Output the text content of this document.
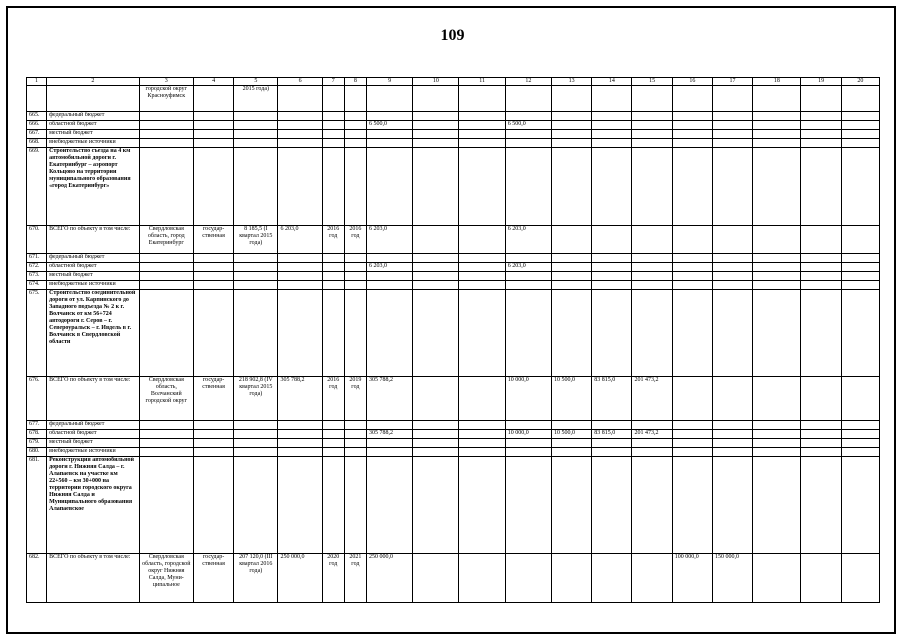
109
1	2	3	4	5	6	7	8	9	10	11	12	13	14	15	16	17	18	19	20
		городской округ Красноуфимск		2015 года)															
665.	федеральный бюджет																		
666.	областной бюджет							6 500,0			6 500,0								
667.	местный бюджет																		
668.	внебюджетные источники																		
669.	Строительство съезда на 4 км автомобильной дороги г. Екатеринбург – аэропорт Кольцово на территории муниципального образования «город Екатеринбург»																		
670.	ВСЕГО по объекту в том числе:	Свердловская область, город Екатеринбург	государ-ственная	8 185,5 (I квартал 2015 года)	6 203,0	2016 год	2016 год	6 203,0			6 203,0								
671.	федеральный бюджет																		
672.	областной бюджет							6 203,0			6 203,0								
673.	местный бюджет																		
674.	внебюджетные источники																		
675.	Строительство соединительной дороги от ул. Карпинского до Западного подъезда № 2 к г. Волчанск от км 56+724 автодороги г. Серов – г. Североуральск – г. Ивдель в г. Волчанск в Свердловской области																		
676.	ВСЕГО по объекту в том числе:	Свердловская область, Волчанский городской округ	государ-ственная	218 902,8 (IV квартал 2015 года)	305 788,2	2016 год	2019 год	305 788,2			10 000,0	10 500,0	83 815,0	201 473,2					
677.	федеральный бюджет																		
678.	областной бюджет							305 788,2			10 000,0	10 500,0	83 815,0	201 473,2					
679.	местный бюджет																		
680.	внебюджетные источники																		
681.	Реконструкция автомобильной дороги г. Нижняя Салда – г. Алапаевск на участке км 22+560 – км 30+000 на территории городского округа Нижняя Салда и Муниципального образования Алапаевское																		
682.	ВСЕГО по объекту в том числе:	Свердловская область, городской округ Нижняя Салда, Муни-ципальное	государ-ственная	207 120,0 (III квартал 2016 года)	250 000,0	2020 год	2021 год	250 000,0							100 000,0	150 000,0			
